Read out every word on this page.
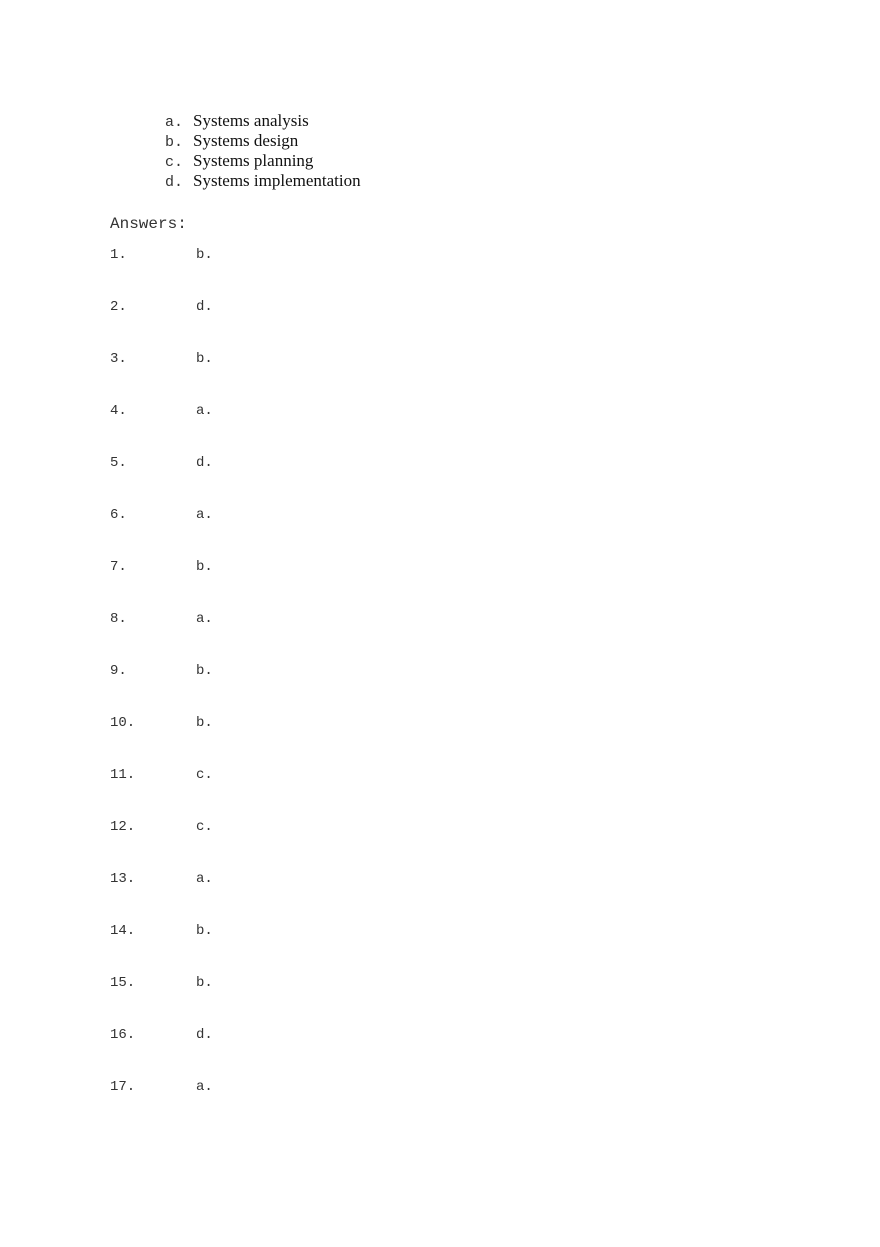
a. Systems analysis
b. Systems design
c. Systems planning
d. Systems implementation
Answers:
1.	b.
2.	d.
3.	b.
4.	a.
5.	d.
6.	a.
7.	b.
8.	a.
9.	b.
10.	b.
11.	c.
12.	c.
13.	a.
14.	b.
15.	b.
16.	d.
17.	a.
